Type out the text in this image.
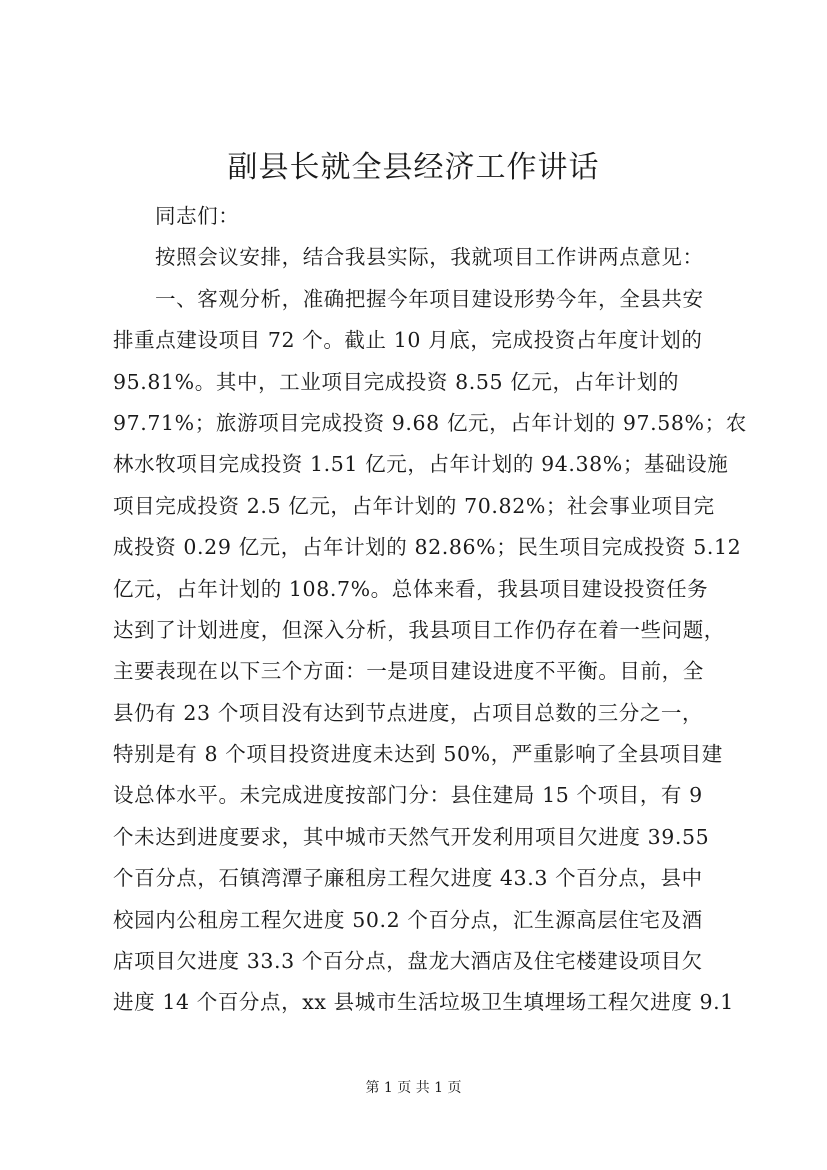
副县长就全县经济工作讲话
同志们：
按照会议安排，结合我县实际，我就项目工作讲两点意见：
一、客观分析，准确把握今年项目建设形势今年，全县共安
排重点建设项目 72 个。截止 10 月底，完成投资占年度计划的
95.81%。其中，工业项目完成投资 8.55 亿元，占年计划的
97.71%；旅游项目完成投资 9.68 亿元，占年计划的 97.58%；农
林水牧项目完成投资 1.51 亿元，占年计划的 94.38%；基础设施
项目完成投资 2.5 亿元，占年计划的 70.82%；社会事业项目完
成投资 0.29 亿元，占年计划的 82.86%；民生项目完成投资 5.12
亿元，占年计划的 108.7%。总体来看，我县项目建设投资任务
达到了计划进度，但深入分析，我县项目工作仍存在着一些问题，
主要表现在以下三个方面：一是项目建设进度不平衡。目前，全
县仍有 23 个项目没有达到节点进度，占项目总数的三分之一，
特别是有 8 个项目投资进度未达到 50%，严重影响了全县项目建
设总体水平。未完成进度按部门分：县住建局 15 个项目，有 9
个未达到进度要求，其中城市天然气开发利用项目欠进度 39.55
个百分点，石镇湾潭子廉租房工程欠进度 43.3 个百分点，县中
校园内公租房工程欠进度 50.2 个百分点，汇生源高层住宅及酒
店项目欠进度 33.3 个百分点，盘龙大酒店及住宅楼建设项目欠
进度 14 个百分点，xx 县城市生活垃圾卫生填埋场工程欠进度 9.1
第 1 页 共 1 页
